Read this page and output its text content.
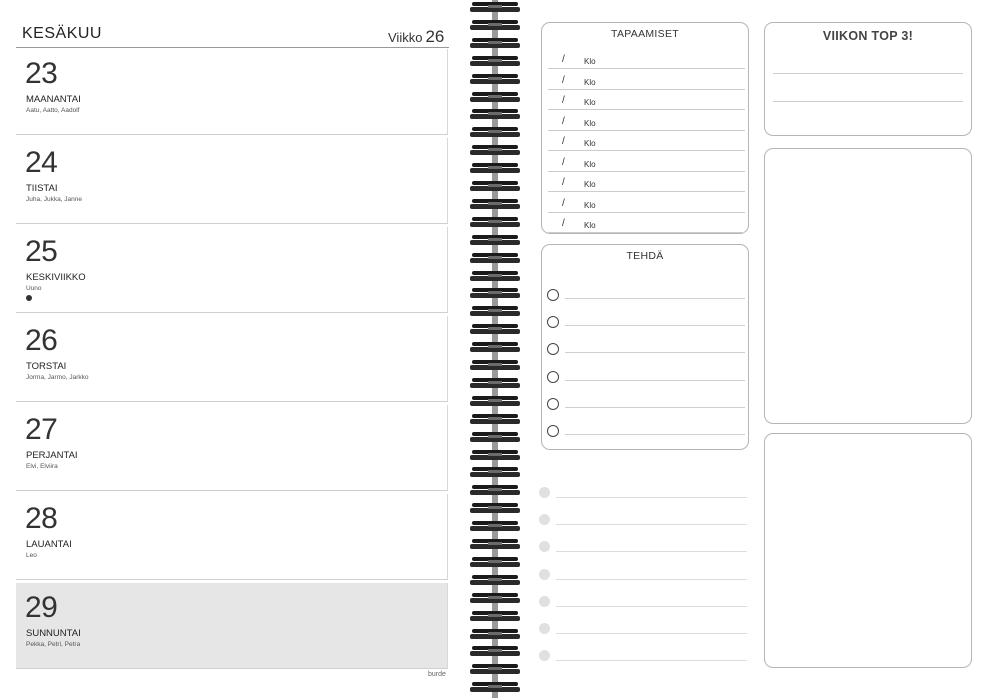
KESÄKUU	Viikko 26
23
MAANANTAI
Aatu, Aatto, Aadolf
24
TIISTAI
Juha, Jukka, Janne
25
KESKIVIIKKO
Uuno
26
TORSTAI
Jorma, Jarmo, Jarkko
27
PERJANTAI
Elvi, Elviira
28
LAUANTAI
Leo
29
SUNNUNTAI
Pekka, Petri, Petra
burde
TAPAAMISET
/ Klo
/ Klo
/ Klo
/ Klo
/ Klo
/ Klo
/ Klo
/ Klo
/ Klo
TEHDÄ
VIIKON TOP 3!
